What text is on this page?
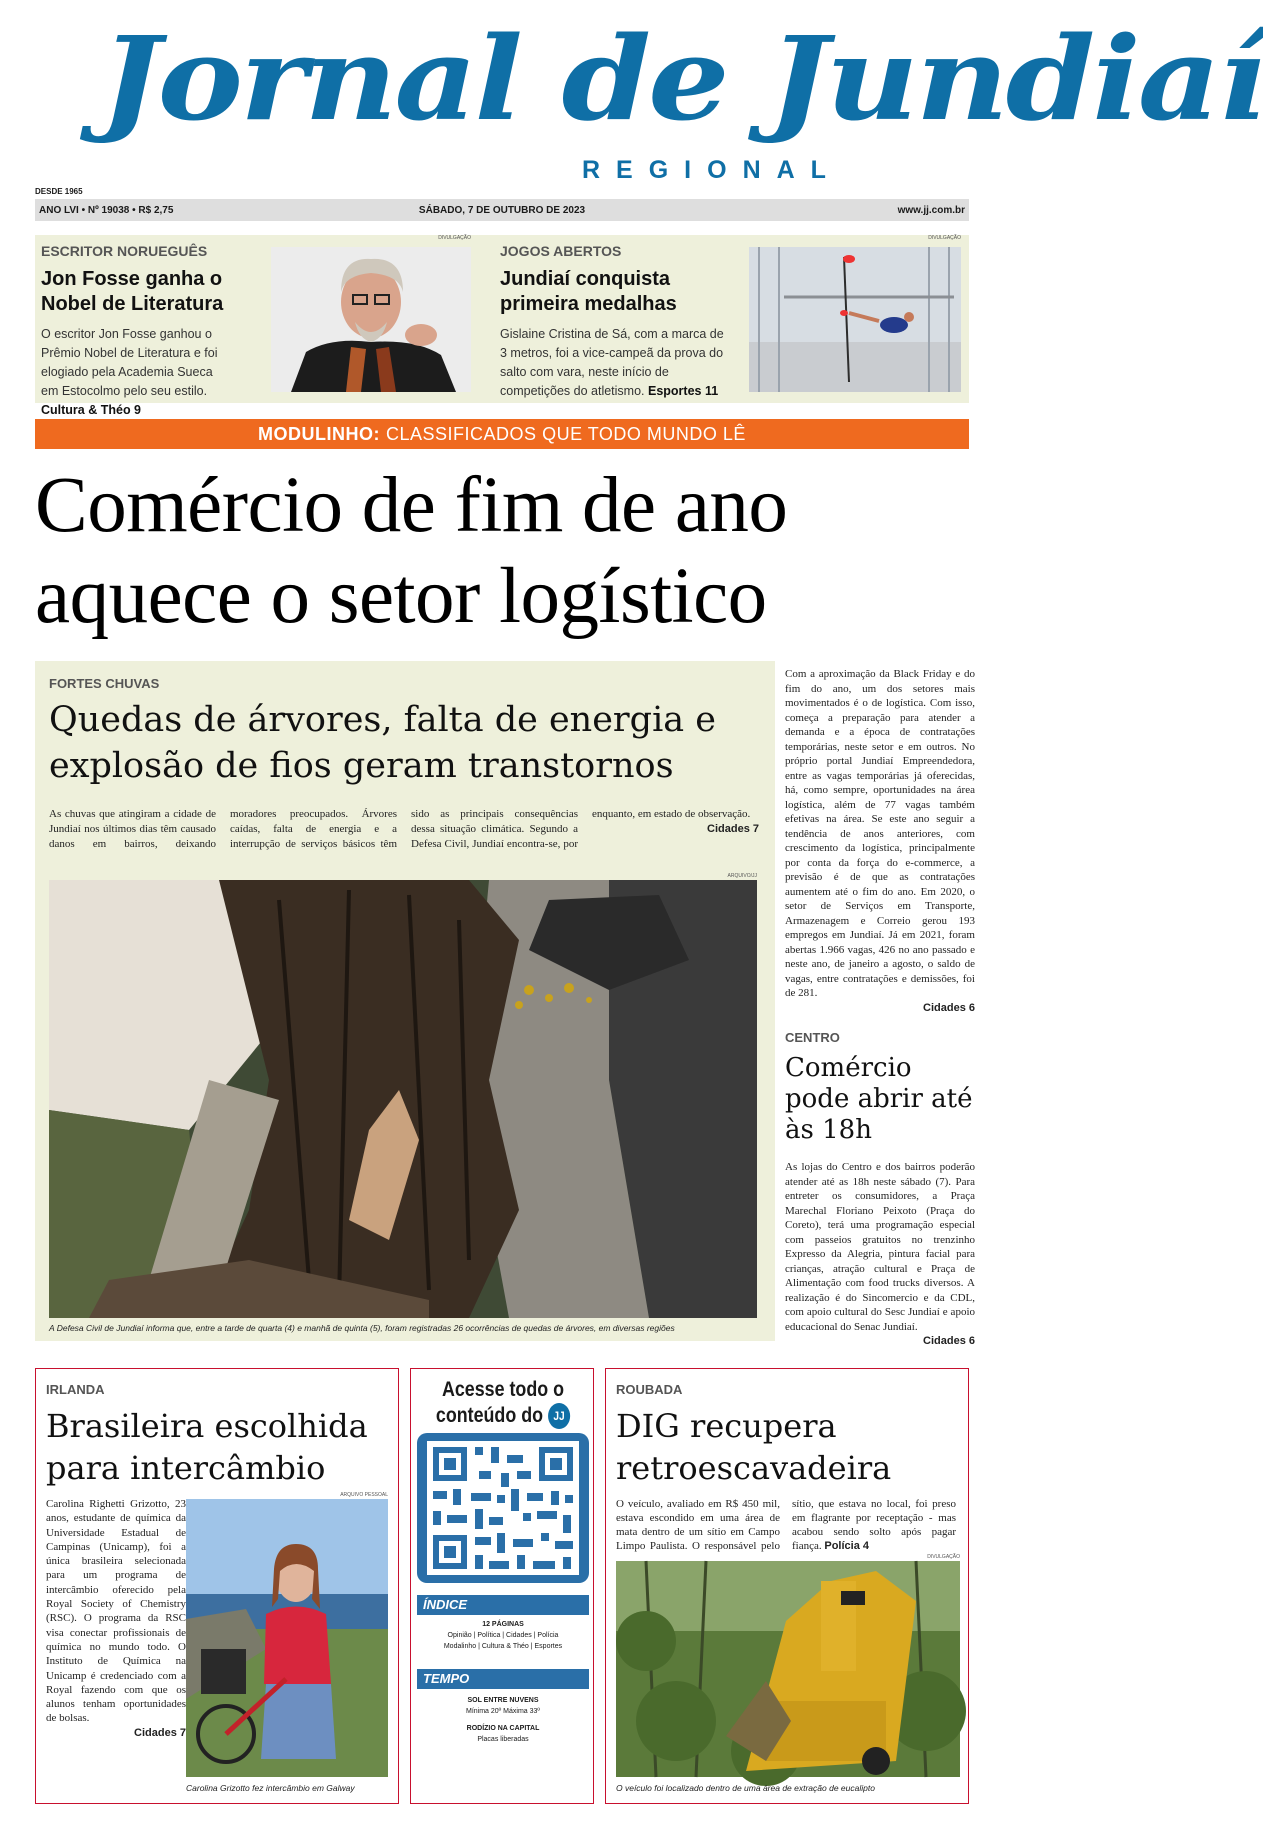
Jornal de Jundiaí
REGIONAL
DESDE 1965
ANO LVI • Nº 19038 • R$ 2,75	SÁBADO, 7 DE OUTUBRO DE 2023	www.jj.com.br
ESCRITOR NORUEGUÊS
Jon Fosse ganha o Nobel de Literatura
O escritor Jon Fosse ganhou o Prêmio Nobel de Literatura e foi elogiado pela Academia Sueca em Estocolmo pelo seu estilo. Cultura & Théo 9
DIVULGAÇÃO
JOGOS ABERTOS
Jundiaí conquista primeira medalhas
Gislaine Cristina de Sá, com a marca de 3 metros, foi a vice-campeã da prova do salto com vara, neste início de competições do atletismo. Esportes 11
DIVULGAÇÃO
MODULINHO: CLASSIFICADOS QUE TODO MUNDO LÊ
Comércio de fim de ano
aquece o setor logístico
FORTES CHUVAS
Quedas de árvores, falta de energia e explosão de fios geram transtornos
As chuvas que atingiram a cidade de Jundiaí nos últimos dias têm causado danos em bairros, deixando moradores preocupados. Árvores caídas, falta de energia e a interrupção de serviços básicos têm sido as principais consequências dessa situação climática. Segundo a Defesa Civil, Jundiaí encontra-se, por enquanto, em estado de observação.

Cidades 7
ARQUIVO/JJ
A Defesa Civil de Jundiaí informa que, entre a tarde de quarta (4) e manhã de quinta (5), foram registradas 26 ocorrências de quedas de árvores, em diversas regiões
Com a aproximação da Black Friday e do fim do ano, um dos setores mais movimentados é o de logística. Com isso, começa a preparação para atender a demanda e a época de contratações temporárias, neste setor e em outros. No próprio portal Jundiaí Empreendedora, entre as vagas temporárias já oferecidas, há, como sempre, oportunidades na área logística, além de 77 vagas também efetivas na área. Se este ano seguir a tendência de anos anteriores, com crescimento da logística, principalmente por conta da força do e-commerce, a previsão é de que as contratações aumentem até o fim do ano. Em 2020, o setor de Serviços em Transporte, Armazenagem e Correio gerou 193 empregos em Jundiaí. Já em 2021, foram abertas 1.966 vagas, 426 no ano passado e neste ano, de janeiro a agosto, o saldo de vagas, entre contratações e demissões, foi de 281.

Cidades 6
CENTRO
Comércio pode abrir até às 18h
As lojas do Centro e dos bairros poderão atender até as 18h neste sábado (7). Para entreter os consumidores, a Praça Marechal Floriano Peixoto (Praça do Coreto), terá uma programação especial com passeios gratuitos no trenzinho Expresso da Alegria, pintura facial para crianças, atração cultural e Praça de Alimentação com food trucks diversos. A realização é do Sincomercio e da CDL, com apoio cultural do Sesc Jundiaí e apoio educacional do Senac Jundiaí.

Cidades 6
IRLANDA
Brasileira escolhida para intercâmbio
Carolina Righetti Grizotto, 23 anos, estudante de química da Universidade Estadual de Campinas (Unicamp), foi a única brasileira selecionada para um programa de intercâmbio oferecido pela Royal Society of Chemistry (RSC). O programa da RSC visa conectar profissionais de química no mundo todo. O Instituto de Química na Unicamp é credenciado com a Royal fazendo com que os alunos tenham oportunidades de bolsas.

Cidades 7
ARQUIVO PESSOAL
Carolina Grizotto fez intercâmbio em Galway
Acesse todo o conteúdo do JJ
ÍNDICE
12 PÁGINAS
Opinião | Política | Cidades | Polícia
Modalinho | Cultura & Théo | Esportes
TEMPO
SOL ENTRE NUVENS
Mínima 20º Máxima 33º
RODÍZIO NA CAPITAL
Placas liberadas
ROUBADA
DIG recupera retroescavadeira
O veículo, avaliado em R$ 450 mil, estava escondido em uma área de mata dentro de um sítio em Campo Limpo Paulista. O responsável pelo sítio, que estava no local, foi preso em flagrante por receptação - mas acabou sendo solto após pagar fiança. Polícia 4
DIVULGAÇÃO
O veículo foi localizado dentro de uma área de extração de eucalipto
